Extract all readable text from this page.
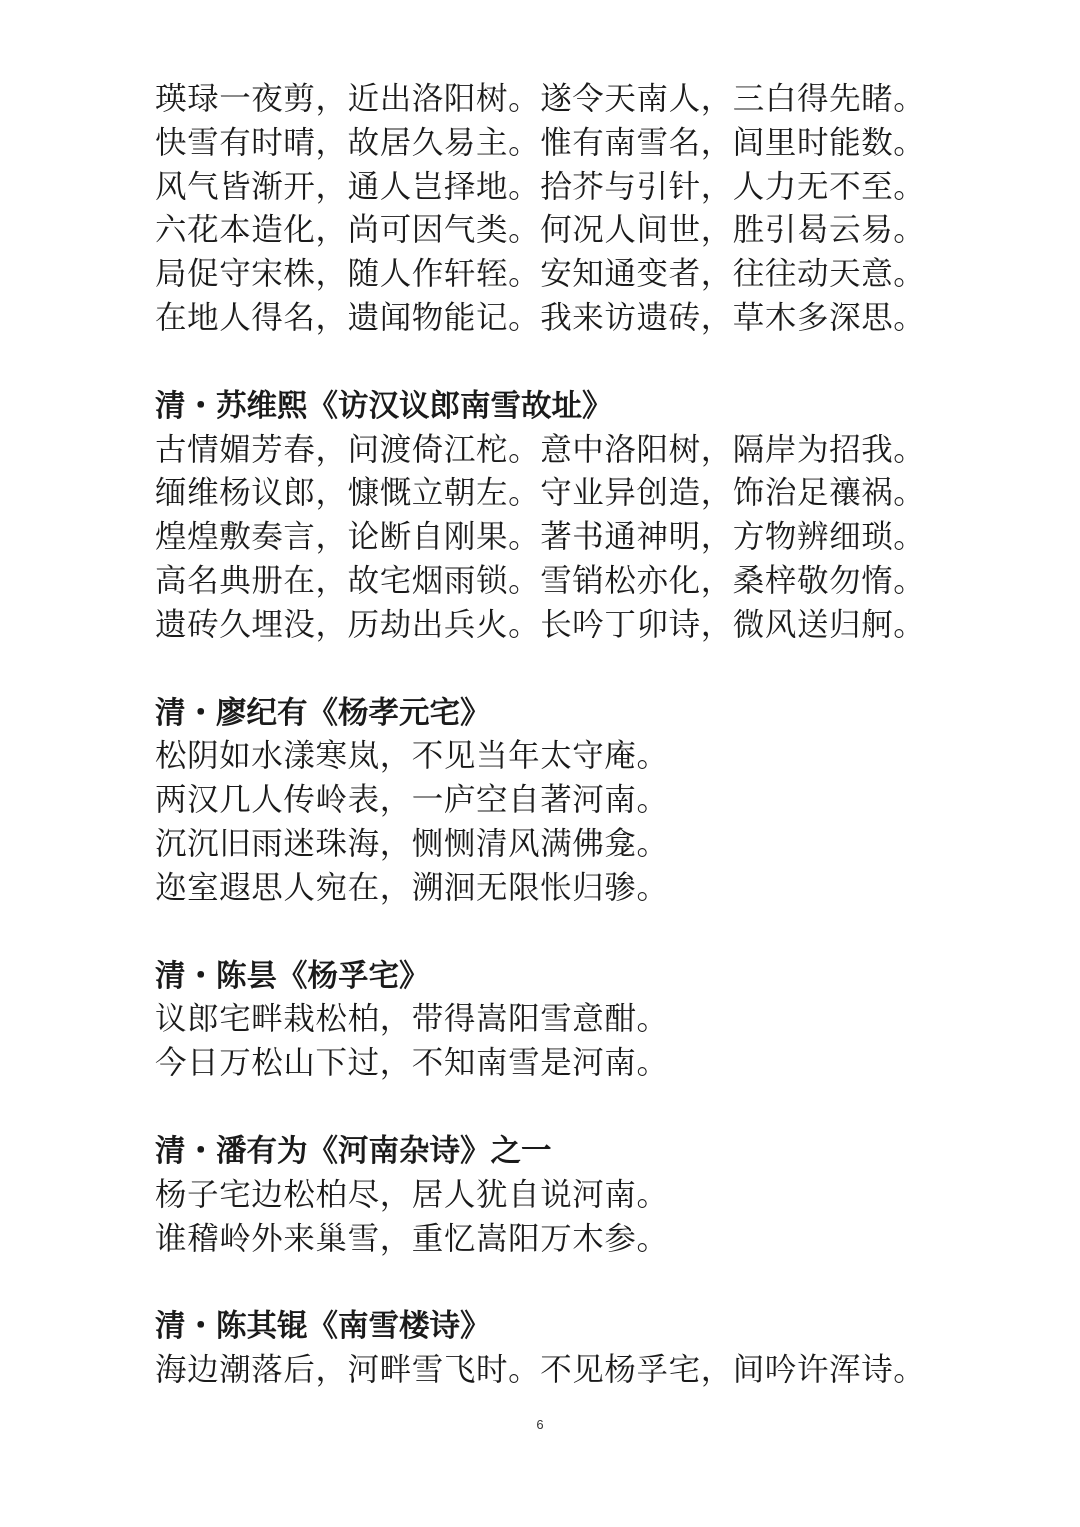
瑛琭一夜剪，近出洛阳树。遂令天南人，三白得先睹。

快雪有时晴，故居久易主。惟有南雪名，闾里时能数。

风气皆渐开，通人岂择地。拾芥与引针，人力无不至。

六花本造化，尚可因气类。何况人间世，胜引曷云易。

局促守宋株，随人作轩轾。安知通变者，往往动天意。

在地人得名，遗闻物能记。我来访遗砖，草木多深思。

清・苏维熙《访汉议郎南雪故址》

古情媚芳春，问渡倚江柁。意中洛阳树，隔岸为招我。

缅维杨议郎，慷慨立朝左。守业异创造，饰治足禳祸。

煌煌敷奏言，论断自刚果。著书通神明，方物辨细琐。

高名典册在，故宅烟雨锁。雪销松亦化，桑梓敬勿惰。

遗砖久埋没，历劫出兵火。长吟丁卯诗，微风送归舸。

清・廖纪有《杨孝元宅》

松阴如水漾寒岚，不见当年太守庵。

两汉几人传岭表，一庐空自著河南。

沉沉旧雨迷珠海，恻恻清风满佛龛。

迩室遐思人宛在，溯洄无限怅归骖。

清・陈昙《杨孚宅》

议郎宅畔栽松柏，带得嵩阳雪意酣。

今日万松山下过，不知南雪是河南。

清・潘有为《河南杂诗》之一

杨子宅边松柏尽，居人犹自说河南。

谁稽岭外来巢雪，重忆嵩阳万木参。

清・陈其锟《南雪楼诗》

海边潮落后，河畔雪飞时。不见杨孚宅，间吟许浑诗。

6
